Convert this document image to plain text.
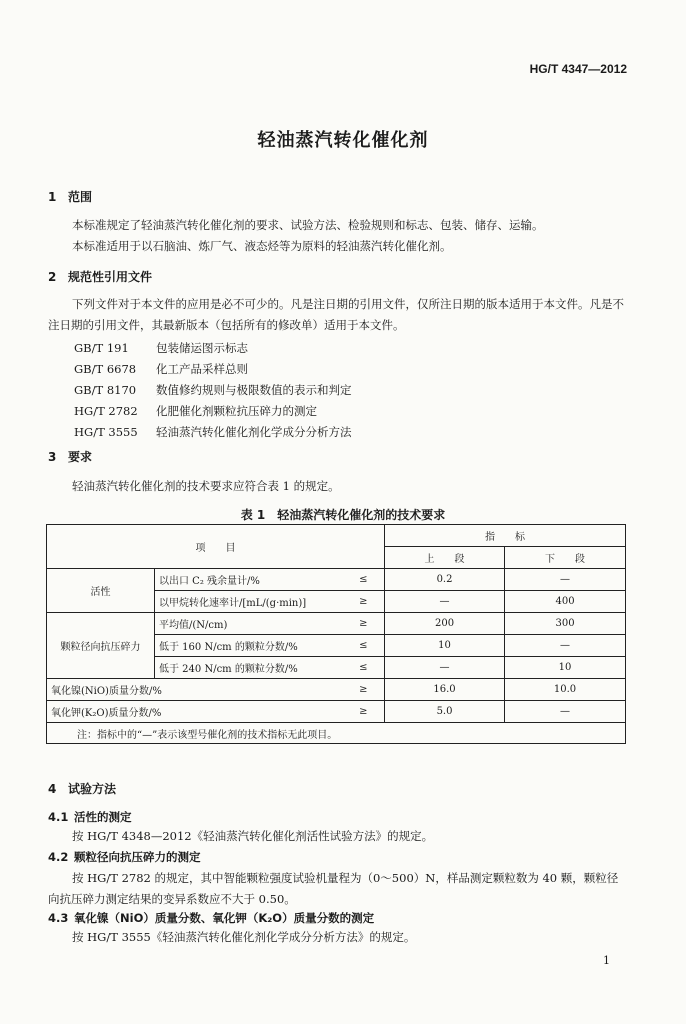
HG/T 4347—2012
轻油蒸汽转化催化剂
1 范围
本标准规定了轻油蒸汽转化催化剂的要求、试验方法、检验规则和标志、包装、储存、运输。
本标准适用于以石脑油、炼厂气、液态烃等为原料的轻油蒸汽转化催化剂。
2 规范性引用文件
下列文件对于本文件的应用是必不可少的。凡是注日期的引用文件，仅所注日期的版本适用于本文件。凡是不注日期的引用文件，其最新版本（包括所有的修改单）适用于本文件。
GB/T 191 包装储运图示标志
GB/T 6678 化工产品采样总则
GB/T 8170 数值修约规则与极限数值的表示和判定
HG/T 2782 化肥催化剂颗粒抗压碎力的测定
HG/T 3555 轻油蒸汽转化催化剂化学成分分析方法
3 要求
轻油蒸汽转化催化剂的技术要求应符合表 1 的规定。
表 1　轻油蒸汽转化催化剂的技术要求
项　　目			指　　标	
			上　　段	下　　段
活性	以出口 C₂ 残余量计/%	≤	0.2	—
	以甲烷转化速率计/[mL/(g·min)]	≥	—	400
颗粒径向抗压碎力	平均值/(N/cm)	≥	200	300
	低于 160 N/cm 的颗粒分数/%	≤	10	—
	低于 240 N/cm 的颗粒分数/%	≤	—	10
氧化镍(NiO)质量分数/%		≥	16.0	10.0
氧化钾(K₂O)质量分数/%		≥	5.0	—
注：指标中的“—”表示该型号催化剂的技术指标无此项目。				
4 试验方法
4.1 活性的测定
按 HG/T 4348—2012《轻油蒸汽转化催化剂活性试验方法》的规定。
4.2 颗粒径向抗压碎力的测定
按 HG/T 2782 的规定，其中智能颗粒强度试验机量程为（0～500）N，样品测定颗粒数为 40 颗，颗粒径向抗压碎力测定结果的变异系数应不大于 0.50。
4.3 氧化镍（NiO）质量分数、氧化钾（K₂O）质量分数的测定
按 HG/T 3555《轻油蒸汽转化催化剂化学成分分析方法》的规定。
1
